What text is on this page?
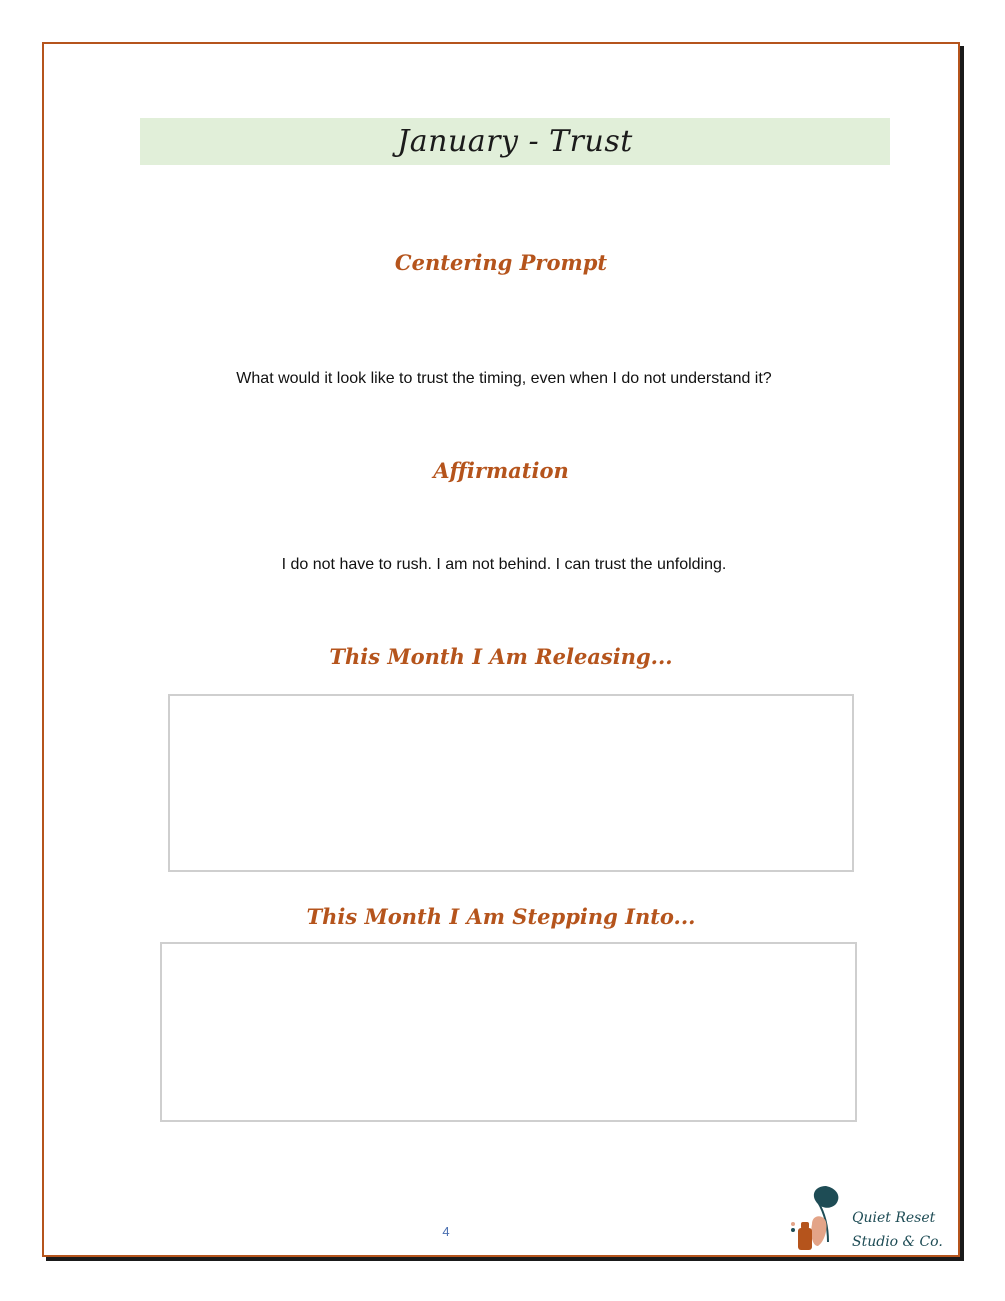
January - Trust
Centering Prompt
What would it look like to trust the timing, even when I do not understand it?
Affirmation
I do not have to rush. I am not behind. I can trust the unfolding.
This Month I Am Releasing...
This Month I Am Stepping Into...
4
Quiet Reset
Studio & Co.
